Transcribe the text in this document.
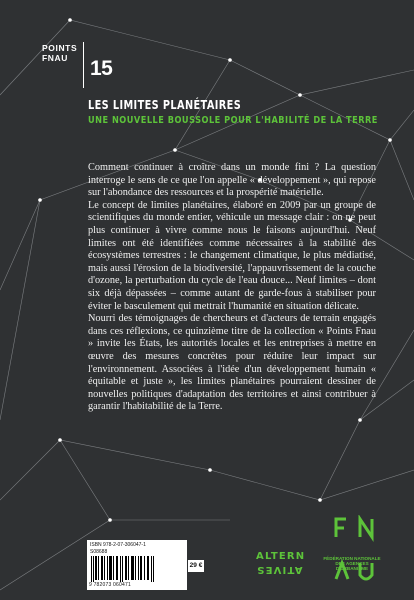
POINTS
FNAU	15
LES LIMITES PLANÉTAIRES
UNE NOUVELLE BOUSSOLE POUR L'HABILITÉ DE LA TERRE

Comment continuer à croître dans un monde fini ? La question interroge le sens de ce que l'on appelle « développement », qui repose sur l'abondance des ressources et la prospérité matérielle.

Le concept de limites planétaires, élaboré en 2009 par un groupe de scientifiques du monde entier, véhicule un message clair : on ne peut plus continuer à vivre comme nous le faisons aujourd'hui. Neuf limites ont été identifiées comme nécessaires à la stabilité des écosystèmes terrestres : le changement climatique, le plus médiatisé, mais aussi l'érosion de la biodiversité, l'appauvrissement de la couche d'ozone, la perturbation du cycle de l'eau douce... Neuf limites – dont six déjà dépassées – comme autant de garde-fous à stabiliser pour éviter le basculement qui mettrait l'humanité en situation délicate.

Nourri des témoignages de chercheurs et d'acteurs de terrain engagés dans ces réflexions, ce quinzième titre de la collection « Points Fnau » invite les États, les autorités locales et les entreprises à mettre en œuvre des mesures concrètes pour réduire leur impact sur l'environnement. Associées à l'idée d'un développement humain « équitable et juste », les limites planétaires pourraient dessiner de nouvelles politiques d'adaptation des territoires et ainsi contribuer à garantir l'habitabilité de la Terre.

ISBN 978-2-07-306047-1
S08688
9 782073 060471
29 €
ALTERN
ATIVES
FÉDÉRATION NATIONALE DES AGENCES D'URBANISME
